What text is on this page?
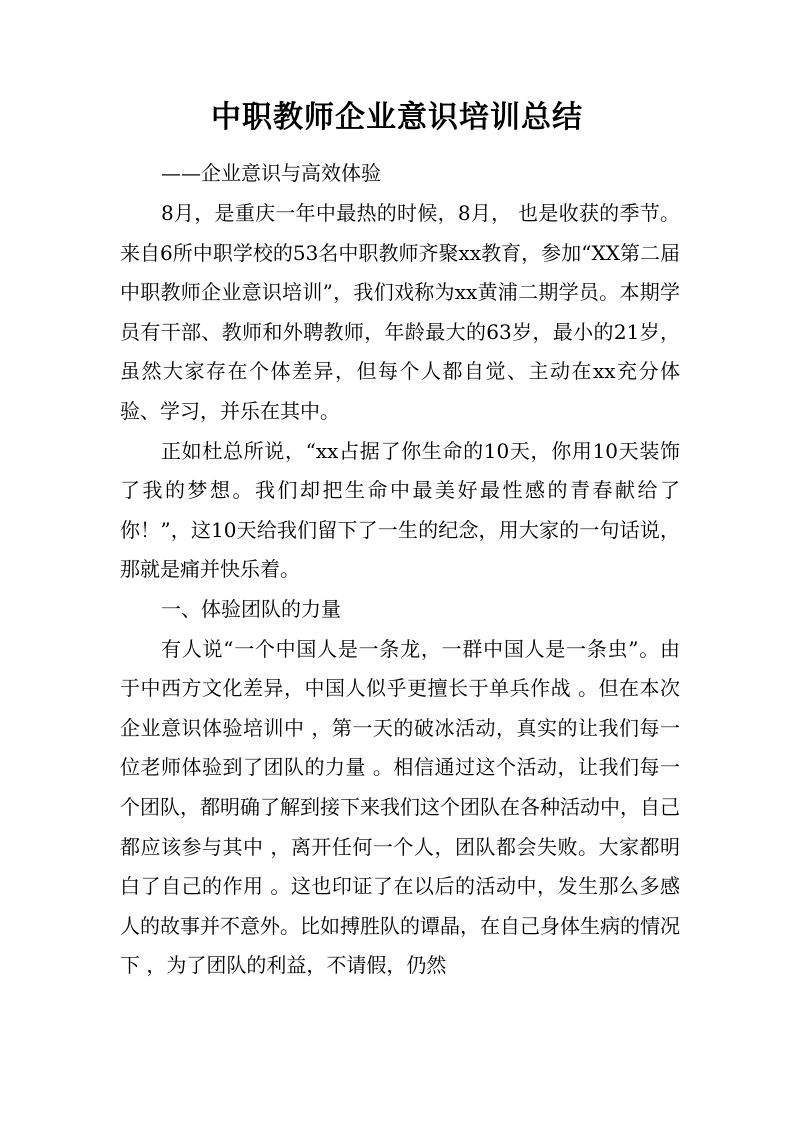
中职教师企业意识培训总结
——企业意识与高效体验

8月，是重庆一年中最热的时候，8月， 也是收获的季节。来自6所中职学校的53名中职教师齐聚xx教育，参加“XX第二届中职教师企业意识培训”，我们戏称为xx黄浦二期学员。本期学员有干部、教师和外聘教师，年龄最大的63岁，最小的21岁，虽然大家存在个体差异，但每个人都自觉、主动在xx充分体验、学习，并乐在其中。

正如杜总所说，“xx占据了你生命的10天，你用10天装饰了我的梦想。我们却把生命中最美好最性感的青春献给了你！”，这10天给我们留下了一生的纪念，用大家的一句话说，那就是痛并快乐着。

一、体验团队的力量

有人说“一个中国人是一条龙，一群中国人是一条虫”。由于中西方文化差异，中国人似乎更擅长于单兵作战 。但在本次企业意识体验培训中 ，第一天的破冰活动，真实的让我们每一位老师体验到了团队的力量 。相信通过这个活动，让我们每一个团队，都明确了解到接下来我们这个团队在各种活动中，自己都应该参与其中 ，离开任何一个人，团队都会失败。大家都明白了自己的作用 。这也印证了在以后的活动中，发生那么多感人的故事并不意外。比如搏胜队的谭晶，在自己身体生病的情况下 ，为了团队的利益，不请假，仍然
